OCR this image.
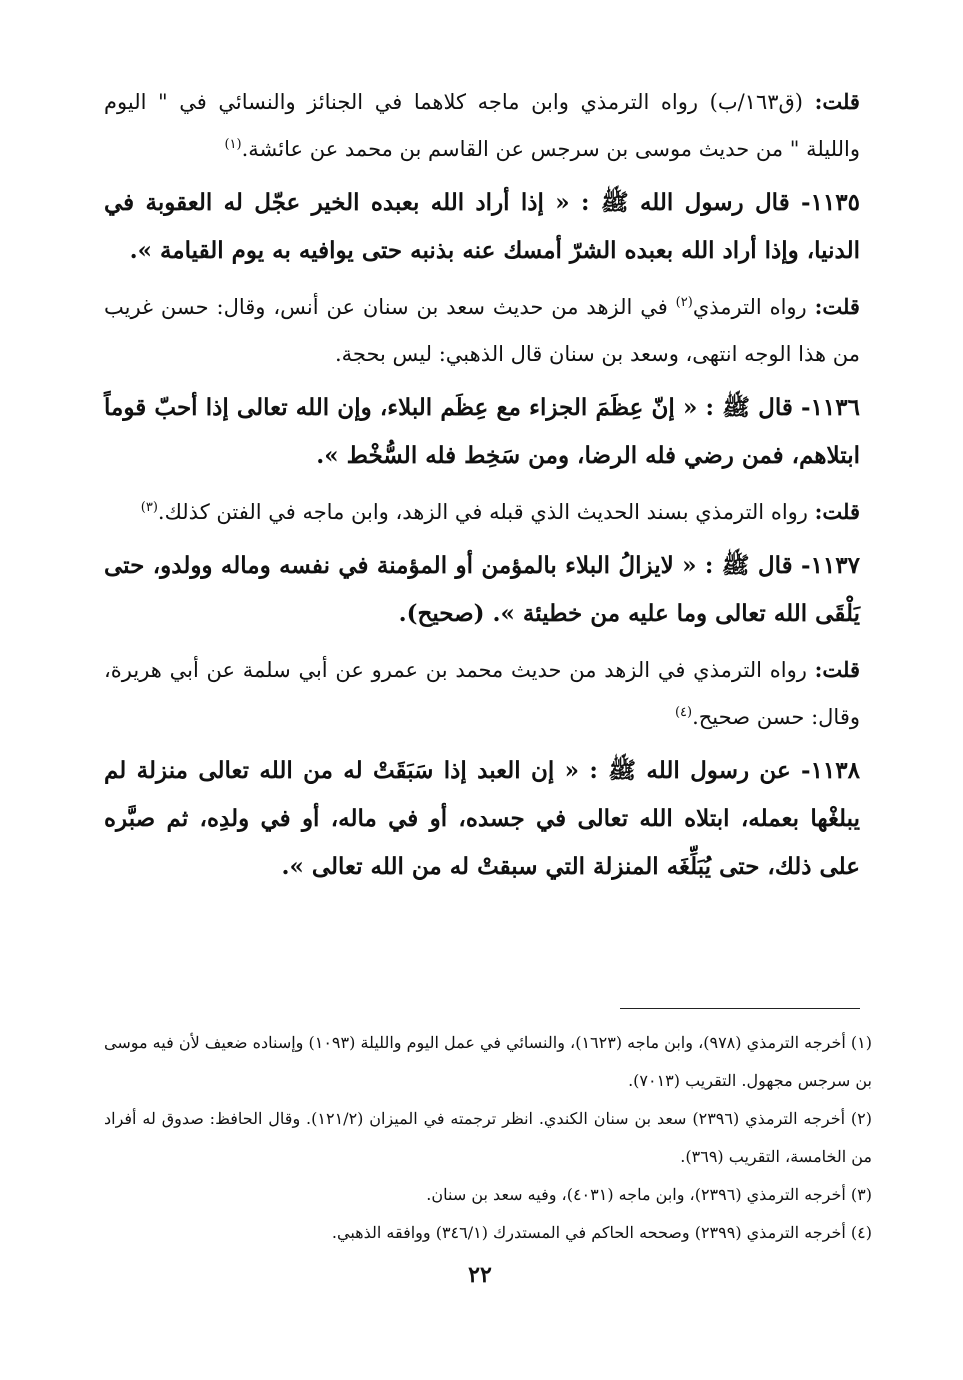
قلت: (ق١٦٣/ب) رواه الترمذي وابن ماجه كلاهما في الجنائز والنسائي في " اليوم والليلة " من حديث موسى بن سرجس عن القاسم بن محمد عن عائشة.$^{(١)}$

١١٣٥- قال رسول الله ﷺ : « إذا أراد الله بعبده الخير عجّل له العقوبة في الدنيا، وإذا أراد الله بعبده الشرّ أمسك عنه بذنبه حتى يوافيه به يوم القيامة ».

قلت: رواه الترمذي$^{(٢)}$ في الزهد من حديث سعد بن سنان عن أنس، وقال: حسن غريب من هذا الوجه انتهى، وسعد بن سنان قال الذهبي: ليس بحجة.

١١٣٦- قال ﷺ : « إنّ عِظَمَ الجزاء مع عِظَم البلاء، وإن الله تعالى إذا أحبّ قوماً ابتلاهم، فمن رضي فله الرضا، ومن سَخِط فله السُّخْط ».

قلت: رواه الترمذي بسند الحديث الذي قبله في الزهد، وابن ماجه في الفتن كذلك.$^{(٣)}$

١١٣٧- قال ﷺ : « لايزالُ البلاء بالمؤمن أو المؤمنة في نفسه وماله وولدو، حتى يَلْقَى الله تعالى وما عليه من خطيئة ». (صحيح).

قلت: رواه الترمذي في الزهد من حديث محمد بن عمرو عن أبي سلمة عن أبي هريرة، وقال: حسن صحيح.$^{(٤)}$

١١٣٨- عن رسول الله ﷺ : « إن العبد إذا سَبَقَتْ له من الله تعالى منزلة لم يبلغْها بعمله، ابتلاه الله تعالى في جسده، أو في ماله، أو في ولدِه، ثم صبَّره على ذلك، حتى يُبَلِّغَه المنزلة التي سبقتْ له من الله تعالى ».

(١) أخرجه الترمذي (٩٧٨)، وابن ماجه (١٦٢٣)، والنسائي في عمل اليوم والليلة (١٠٩٣) وإسناده ضعيف لأن فيه موسى بن سرجس مجهول. التقريب (٧٠١٣).

(٢) أخرجه الترمذي (٢٣٩٦) سعد بن سنان الكندي. انظر ترجمته في الميزان (١٢١/٢). وقال الحافظ: صدوق له أفراد من الخامسة، التقريب (٣٦٩).

(٣) أخرجه الترمذي (٢٣٩٦)، وابن ماجه (٤٠٣١)، وفيه سعد بن سنان.

(٤) أخرجه الترمذي (٢٣٩٩) وصححه الحاكم في المستدرك (٣٤٦/١) ووافقه الذهبي.

٢٢
